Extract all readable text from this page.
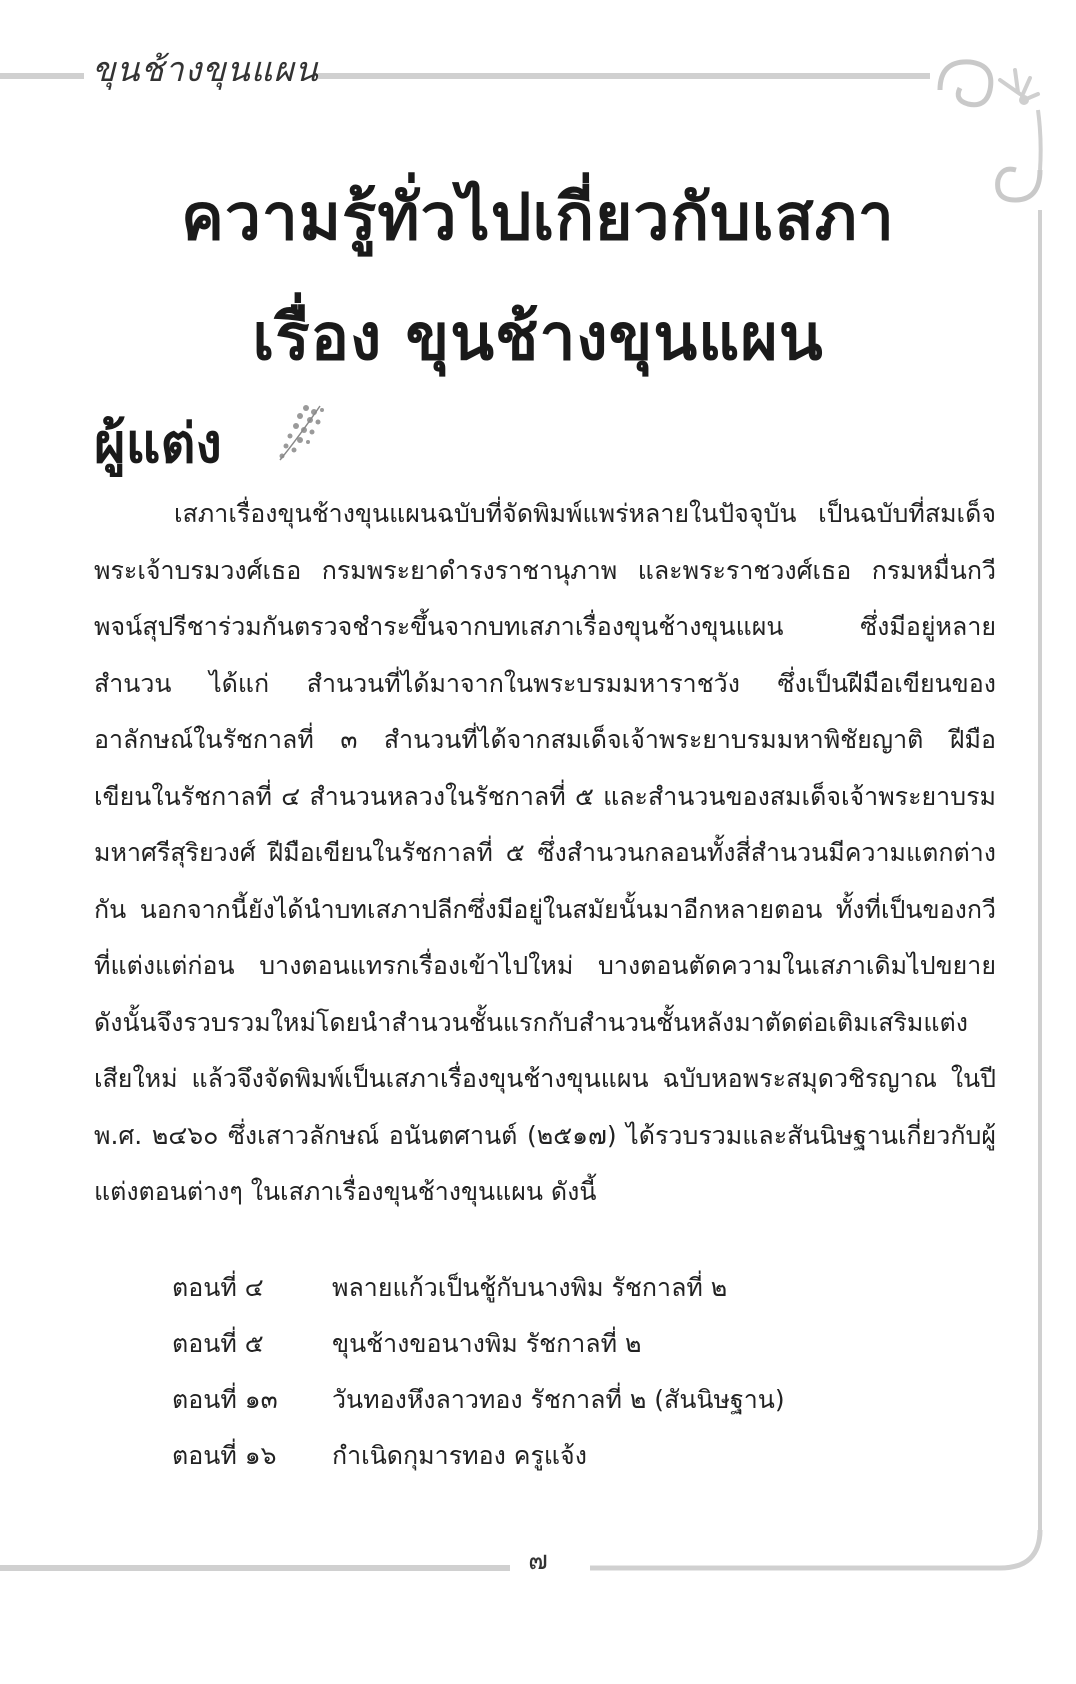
ขุนช้างขุนแผน
ความรู้ทั่วไปเกี่ยวกับเสภา
เรื่อง ขุนช้างขุนแผน
ผู้แต่ง
เสภาเรื่องขุนช้างขุนแผนฉบับที่จัดพิมพ์แพร่หลายในปัจจุบัน เป็นฉบับที่สมเด็จพระเจ้าบรมวงศ์เธอ กรมพระยาดำรงราชานุภาพ และพระราชวงศ์เธอ กรมหมื่นกวีพจน์สุปรีชาร่วมกันตรวจชำระขึ้นจากบทเสภาเรื่องขุนช้างขุนแผน ซึ่งมีอยู่หลายสำนวน ได้แก่ สำนวนที่ได้มาจากในพระบรมมหาราชวัง ซึ่งเป็นฝีมือเขียนของอาลักษณ์ในรัชกาลที่ ๓ สำนวนที่ได้จากสมเด็จเจ้าพระยาบรมมหาพิชัยญาติ ฝีมือเขียนในรัชกาลที่ ๔ สำนวนหลวงในรัชกาลที่ ๕ และสำนวนของสมเด็จเจ้าพระยาบรมมหาศรีสุริยวงศ์ ฝีมือเขียนในรัชกาลที่ ๕ ซึ่งสำนวนกลอนทั้งสี่สำนวนมีความแตกต่างกัน นอกจากนี้ยังได้นำบทเสภาปลีกซึ่งมีอยู่ในสมัยนั้นมาอีกหลายตอน ทั้งที่เป็นของกวีที่แต่งแต่ก่อน บางตอนแทรกเรื่องเข้าไปใหม่ บางตอนตัดความในเสภาเดิมไปขยาย ดังนั้นจึงรวบรวมใหม่โดยนำสำนวนชั้นแรกกับสำนวนชั้นหลังมาตัดต่อเติมเสริมแต่งเสียใหม่ แล้วจึงจัดพิมพ์เป็นเสภาเรื่องขุนช้างขุนแผน ฉบับหอพระสมุดวชิรญาณ ในปี พ.ศ. ๒๔๖๐ ซึ่งเสาวลักษณ์ อนันตศานต์ (๒๕๑๗) ได้รวบรวมและสันนิษฐานเกี่ยวกับผู้แต่งตอนต่างๆ ในเสภาเรื่องขุนช้างขุนแผน ดังนี้
ตอนที่ ๔	พลายแก้วเป็นชู้กับนางพิม รัชกาลที่ ๒
ตอนที่ ๕	ขุนช้างขอนางพิม รัชกาลที่ ๒
ตอนที่ ๑๓	วันทองหึงลาวทอง รัชกาลที่ ๒ (สันนิษฐาน)
ตอนที่ ๑๖	กำเนิดกุมารทอง ครูแจ้ง
๗
